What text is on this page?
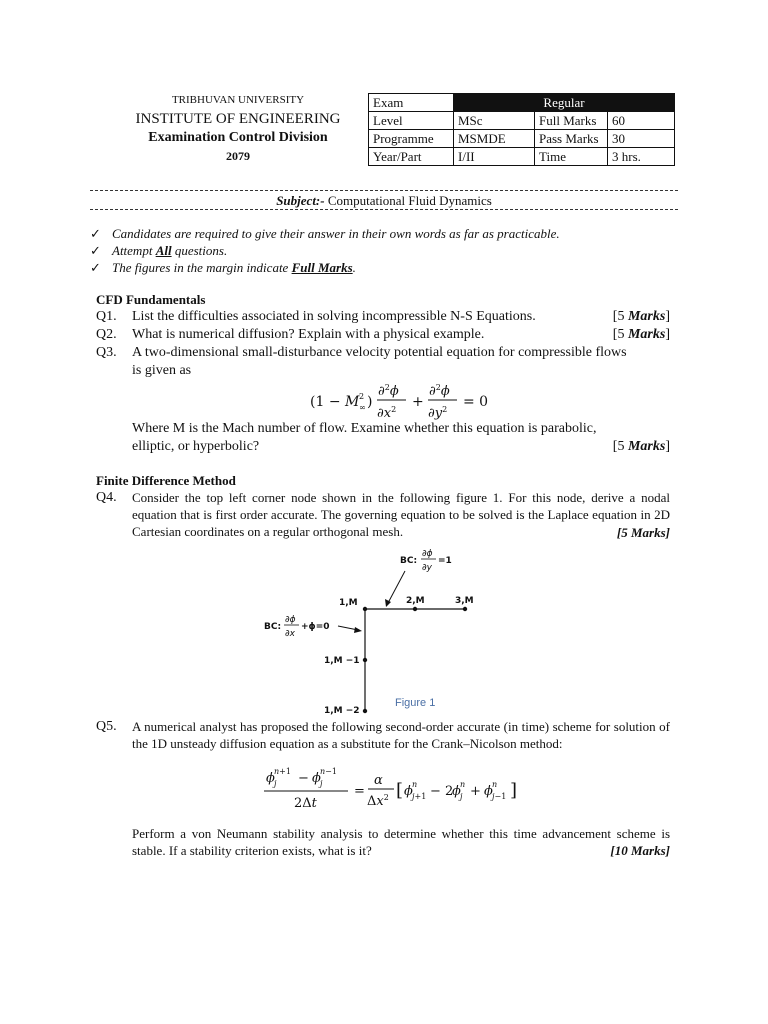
TRIBHUVAN UNIVERSITY
INSTITUTE OF ENGINEERING
Examination Control Division
2079
Exam	Regular		
Level	MSc	Full Marks	60
Programme	MSMDE	Pass Marks	30
Year/Part	I/II	Time	3 hrs.
Subject:- Computational Fluid Dynamics
✓ Candidates are required to give their answer in their own words as far as practicable.
✓ Attempt All questions.
✓ The figures in the margin indicate Full Marks.
CFD Fundamentals
Q1. List the difficulties associated in solving incompressible N-S Equations.	[5 Marks]
Q2. What is numerical diffusion? Explain with a physical example.	[5 Marks]
Q3. A two-dimensional small-disturbance velocity potential equation for compressible flows
is given as
(1 − M 2
∞ )
∂$^2$ϕ
$\partial x^2$ +
∂$^2$ϕ
$\partial y^2 = 0$
Where M is the Mach number of flow. Examine whether this equation is parabolic,
elliptic, or hyperbolic?	[5 Marks]
Finite Difference Method
Q4. Consider the top left corner node shown in the following figure 1. For this node, derive a nodal equation that is first order accurate. The governing equation to be solved is the Laplace equation in 2D Cartesian coordinates on a regular orthogonal mesh.	[5 Marks]
BC:
∂ϕ
∂y
=1
BC:
∂ϕ
∂x
+ϕ=0
1,M	2,M	3,M
1,M −1
1,M −2
Figure 1
Q5. A numerical analyst has proposed the following second-order accurate (in time) scheme for solution of the 1D unsteady diffusion equation as a substitute for the Crank–Nicolson method:
ϕ j
n+1 − ϕ j
n−1
2Δt
=
α
$\Delta x^2$ [ ϕ j+1
n − 2
ϕ j
n + ϕ j−1
n ]
Perform a von Neumann stability analysis to determine whether this time advancement scheme is stable. If a stability criterion exists, what is it?	[10 Marks]
